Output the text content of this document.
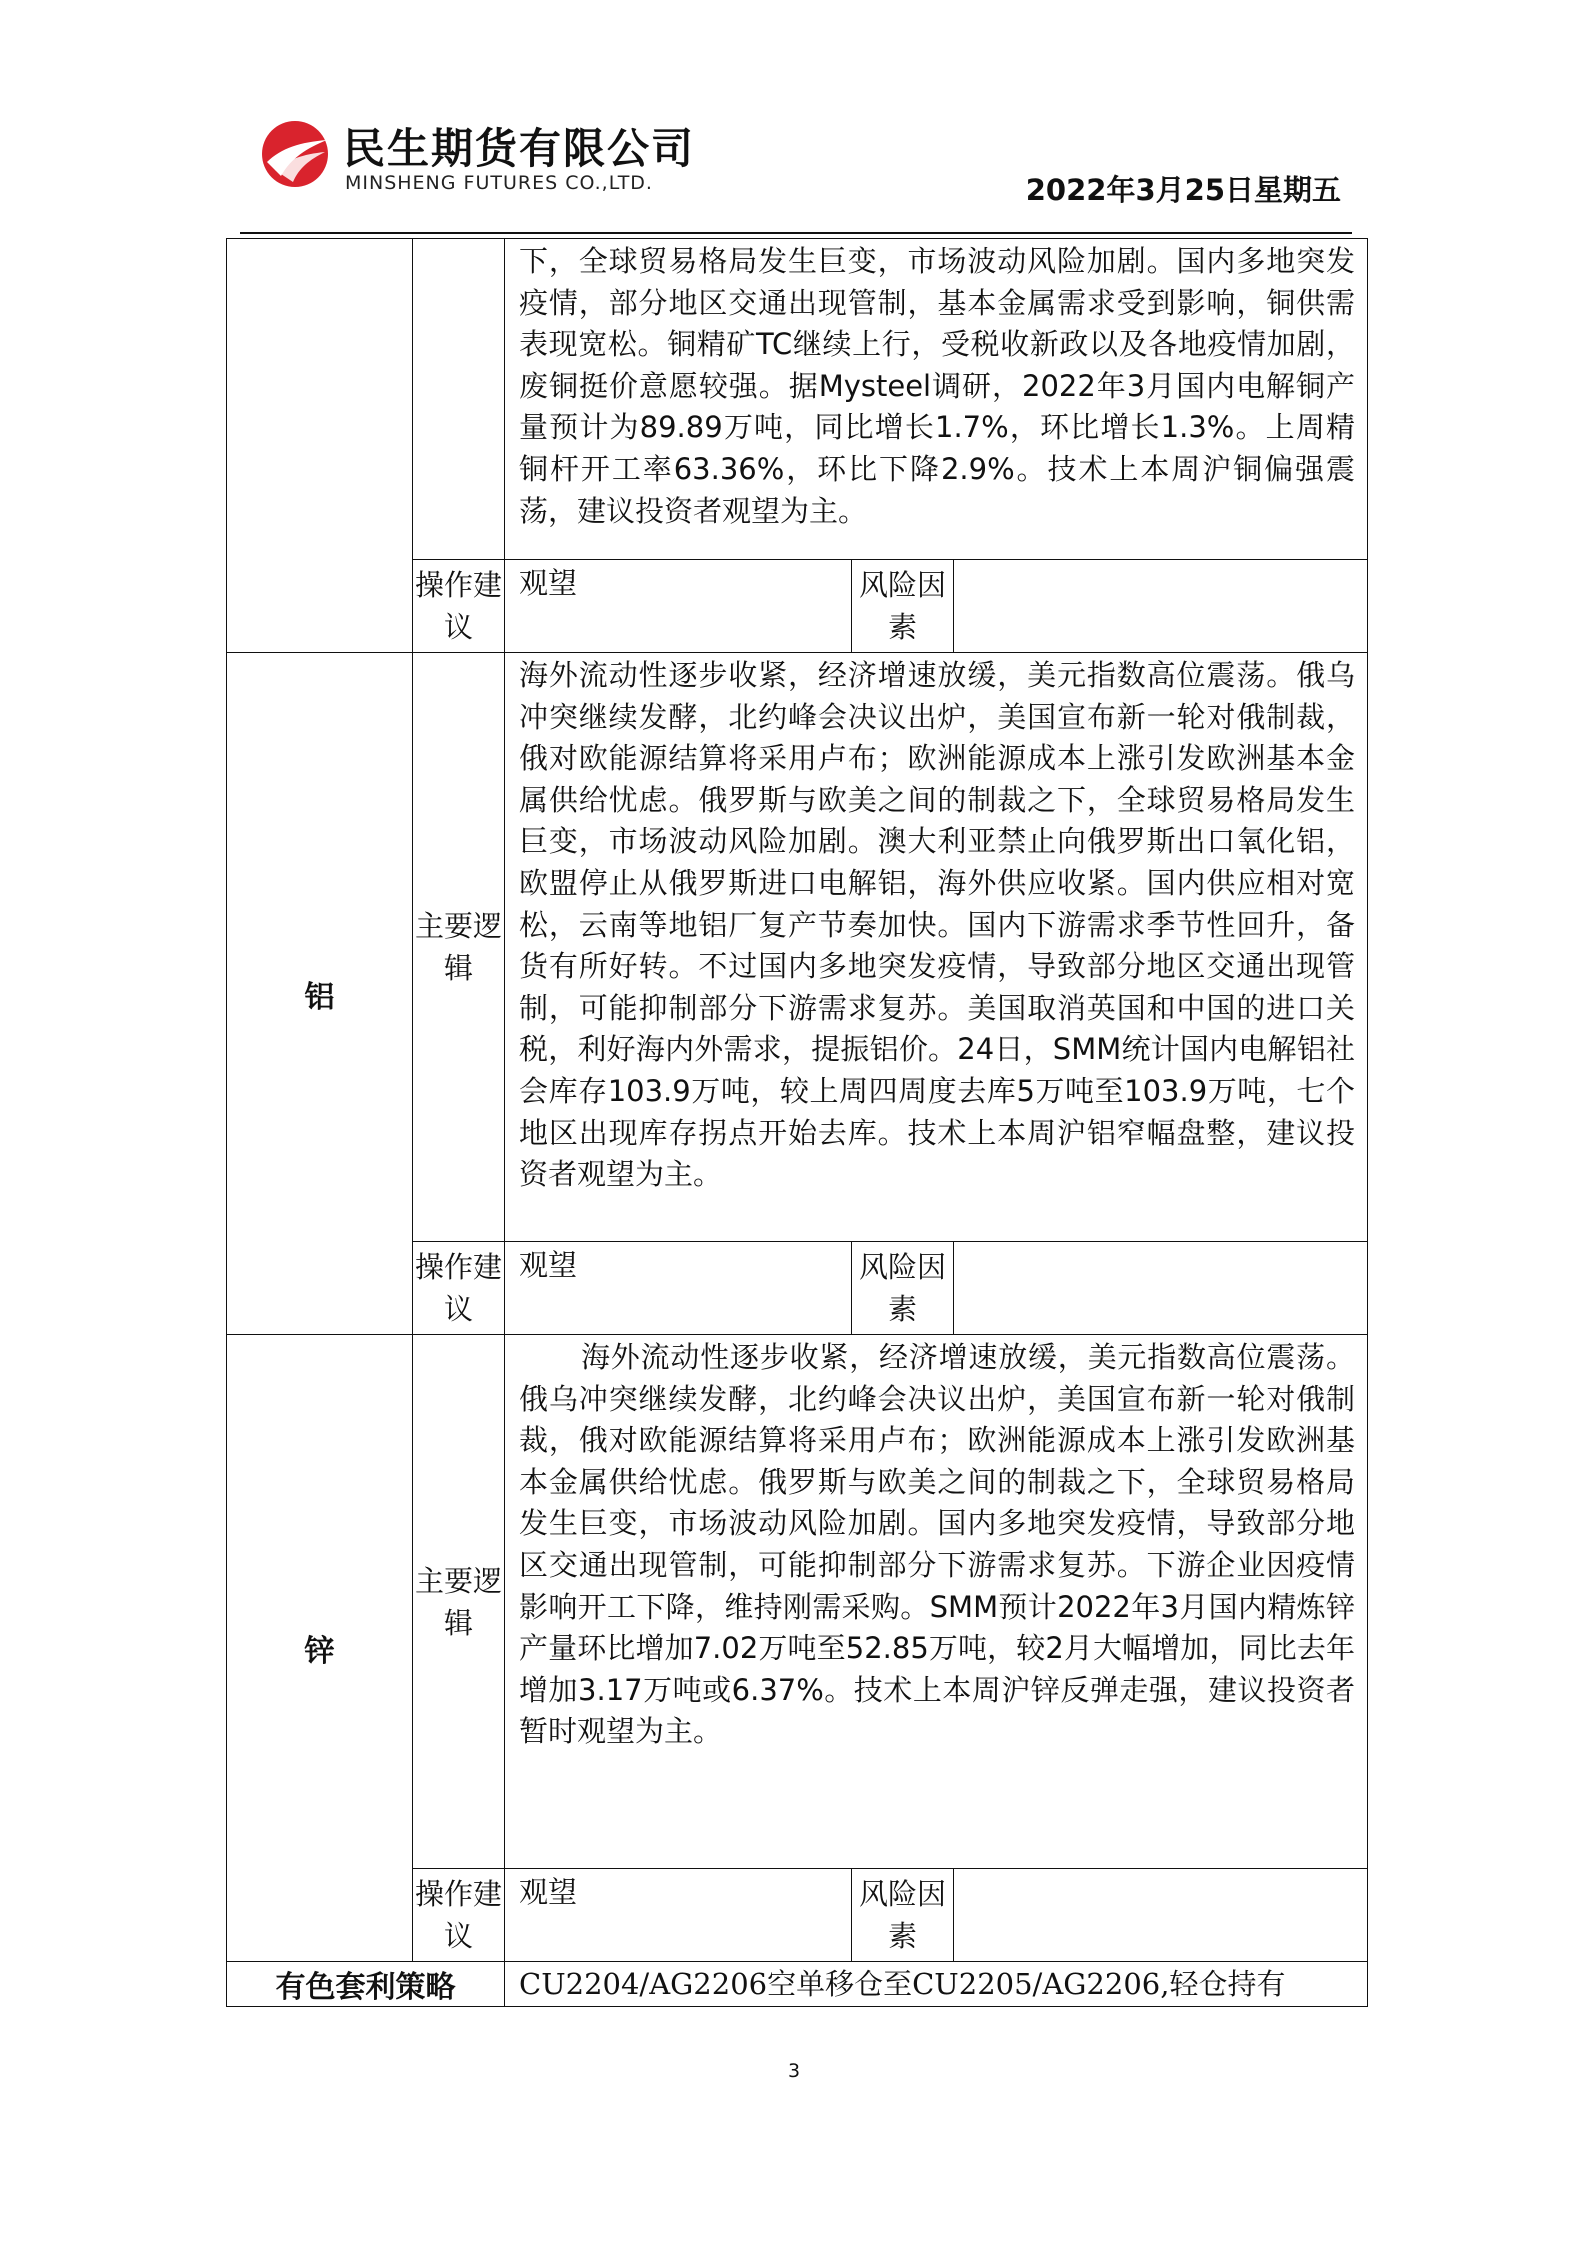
民生期货有限公司
MINSHENG FUTURES CO.,LTD.	2022年3月25日星期五
		下，全球贸易格局发生巨变，市场波动风险加剧。国内多地突发疫情，部分地区交通出现管制，基本金属需求受到影响，铜供需表现宽松。铜精矿TC继续上行，受税收新政以及各地疫情加剧，废铜挺价意愿较强。据Mysteel调研，2022年3月国内电解铜产量预计为89.89万吨，同比增长1.7%，环比增长1.3%。上周精铜杆开工率63.36%，环比下降2.9%。技术上本周沪铜偏强震荡，建议投资者观望为主。		
	操作建议	观望	风险因素	
铝	主要逻辑	海外流动性逐步收紧，经济增速放缓，美元指数高位震荡。俄乌冲突继续发酵，北约峰会决议出炉，美国宣布新一轮对俄制裁，俄对欧能源结算将采用卢布；欧洲能源成本上涨引发欧洲基本金属供给忧虑。俄罗斯与欧美之间的制裁之下，全球贸易格局发生巨变，市场波动风险加剧。澳大利亚禁止向俄罗斯出口氧化铝，欧盟停止从俄罗斯进口电解铝，海外供应收紧。国内供应相对宽松，云南等地铝厂复产节奏加快。国内下游需求季节性回升，备货有所好转。不过国内多地突发疫情，导致部分地区交通出现管制，可能抑制部分下游需求复苏。美国取消英国和中国的进口关税，利好海内外需求，提振铝价。24日，SMM统计国内电解铝社会库存103.9万吨，较上周四周度去库5万吨至103.9万吨，七个地区出现库存拐点开始去库。技术上本周沪铝窄幅盘整，建议投资者观望为主。		
	操作建议	观望	风险因素	
锌	主要逻辑	海外流动性逐步收紧，经济增速放缓，美元指数高位震荡。俄乌冲突继续发酵，北约峰会决议出炉，美国宣布新一轮对俄制裁，俄对欧能源结算将采用卢布；欧洲能源成本上涨引发欧洲基本金属供给忧虑。俄罗斯与欧美之间的制裁之下，全球贸易格局发生巨变，市场波动风险加剧。国内多地突发疫情，导致部分地区交通出现管制，可能抑制部分下游需求复苏。下游企业因疫情影响开工下降，维持刚需采购。SMM预计2022年3月国内精炼锌产量环比增加7.02万吨至52.85万吨，较2月大幅增加，同比去年增加3.17万吨或6.37%。技术上本周沪锌反弹走强，建议投资者暂时观望为主。		
	操作建议	观望	风险因素	
有色套利策略		CU2204/AG2206空单移仓至CU2205/AG2206,轻仓持有		
3
